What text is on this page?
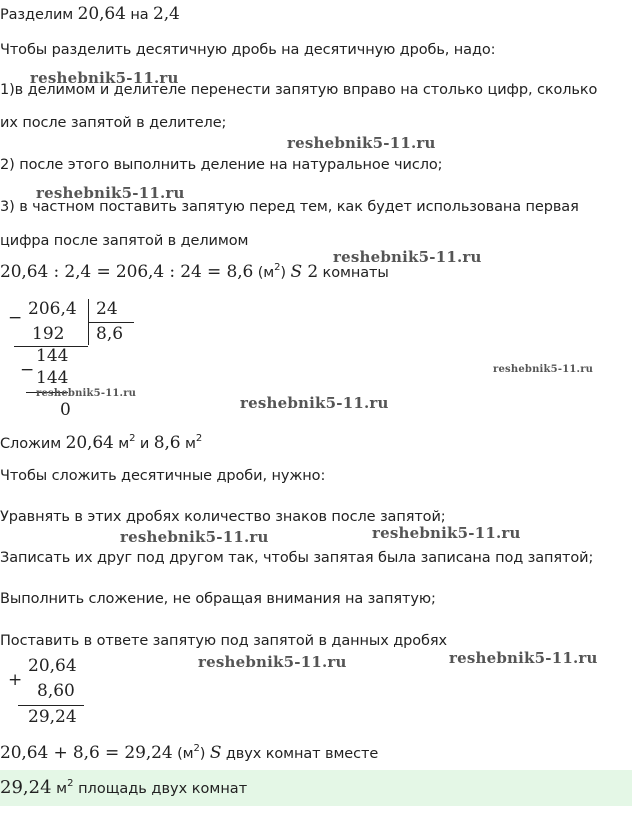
Разделим 20,64 на 2,4
Чтобы разделить десятичную дробь на десятичную дробь, надо:
reshebnik5-11.ru
1)в делимом и делителе перенести запятую вправо на столько цифр, сколько
их после запятой в делителе;
reshebnik5-11.ru
2) после этого выполнить деление на натуральное число;
reshebnik5-11.ru
3) в частном поставить запятую перед тем, как будет использована первая
цифра после запятой в делимом
reshebnik5-11.ru
20,64 : 2,4 = 206,4 : 24 = 8,6 $(м^2)$ S 2 комнаты
− 206,4 24
192 8,6
−
144
144
reshebnik5-11.ru
0
reshebnik5-11.ru
reshebnik5-11.ru
Сложим 20,64 $м^2$ и 8,6 $м^2$
Чтобы сложить десятичные дроби, нужно:
Уравнять в этих дробях количество знаков после запятой;
reshebnik5-11.ru	reshebnik5-11.ru
Записать их друг под другом так, чтобы запятая была записана под запятой;
Выполнить сложение, не обращая внимания на запятую;
Поставить в ответе запятую под запятой в данных дробях
reshebnik5-11.ru	reshebnik5-11.ru
+
20,64
8,60
29,24
20,64 + 8,6 = 29,24 $(м^2)$ S двух комнат вместе
29,24 $м^2$ площадь двух комнат
